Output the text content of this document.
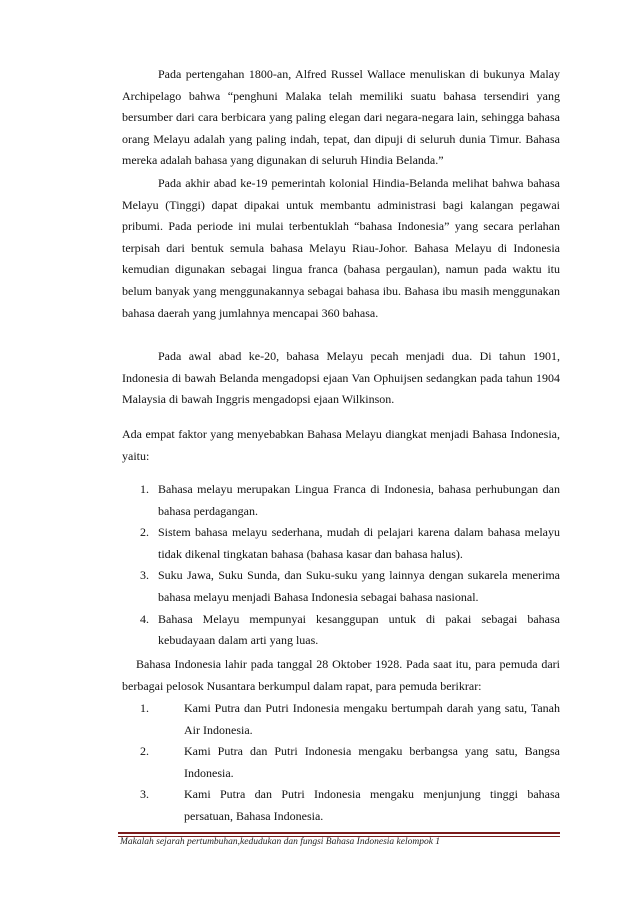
Pada pertengahan 1800-an, Alfred Russel Wallace menuliskan di bukunya Malay Archipelago bahwa “penghuni Malaka telah memiliki suatu bahasa tersendiri yang bersumber dari cara berbicara yang paling elegan dari negara-negara lain, sehingga bahasa orang Melayu adalah yang paling indah, tepat, dan dipuji di seluruh dunia Timur. Bahasa mereka adalah bahasa yang digunakan di seluruh Hindia Belanda.”

Pada akhir abad ke-19 pemerintah kolonial Hindia-Belanda melihat bahwa bahasa Melayu (Tinggi) dapat dipakai untuk membantu administrasi bagi kalangan pegawai pribumi. Pada periode ini mulai terbentuklah “bahasa Indonesia” yang secara perlahan terpisah dari bentuk semula bahasa Melayu Riau-Johor. Bahasa Melayu di Indonesia kemudian digunakan sebagai lingua franca (bahasa pergaulan), namun pada waktu itu belum banyak yang menggunakannya sebagai bahasa ibu. Bahasa ibu masih menggunakan bahasa daerah yang jumlahnya mencapai 360 bahasa.

Pada awal abad ke-20, bahasa Melayu pecah menjadi dua. Di tahun 1901, Indonesia di bawah Belanda mengadopsi ejaan Van Ophuijsen sedangkan pada tahun 1904 Malaysia di bawah Inggris mengadopsi ejaan Wilkinson.

Ada empat faktor yang menyebabkan Bahasa Melayu diangkat menjadi Bahasa Indonesia, yaitu:

1. Bahasa melayu merupakan Lingua Franca di Indonesia, bahasa perhubungan dan bahasa perdagangan.
2. Sistem bahasa melayu sederhana, mudah di pelajari karena dalam bahasa melayu tidak dikenal tingkatan bahasa (bahasa kasar dan bahasa halus).
3. Suku Jawa, Suku Sunda, dan Suku-suku yang lainnya dengan sukarela menerima bahasa melayu menjadi Bahasa Indonesia sebagai bahasa nasional.
4. Bahasa Melayu mempunyai kesanggupan untuk di pakai sebagai bahasa kebudayaan dalam arti yang luas.

Bahasa Indonesia lahir pada tanggal 28 Oktober 1928. Pada saat itu, para pemuda dari berbagai pelosok Nusantara berkumpul dalam rapat, para pemuda berikrar:

1.	Kami Putra dan Putri Indonesia mengaku bertumpah darah yang satu, Tanah Air Indonesia.
2.	Kami Putra dan Putri Indonesia mengaku berbangsa yang satu, Bangsa Indonesia.
3.	Kami Putra dan Putri Indonesia mengaku menjunjung tinggi bahasa persatuan, Bahasa Indonesia.
Makalah sejarah pertumbuhan,kedudukan dan fungsi Bahasa Indonesia kelompok 1
